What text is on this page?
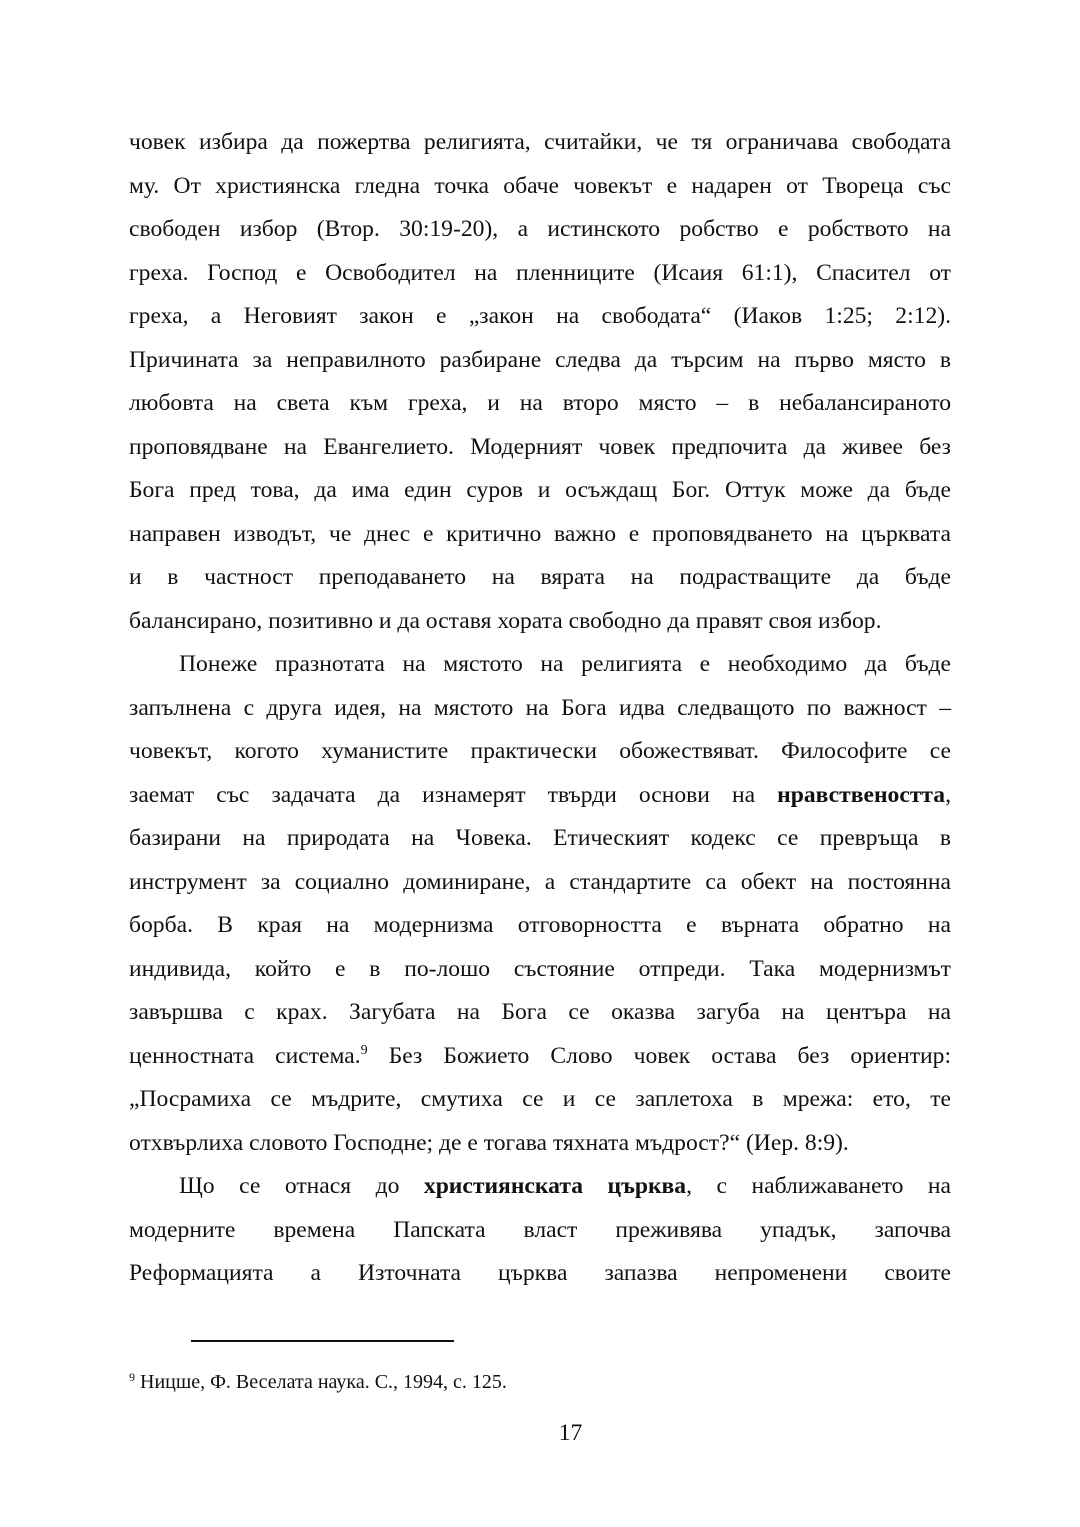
човек избира да пожертва религията, считайки, че тя ограничава свободата
му. От християнска гледна точка обаче човекът е надарен от Твореца със
свободен избор (Втор. 30:19-20), а истинското робство е робството на
греха. Господ е Освободител на пленниците (Исаия 61:1), Спасител от
греха, а Неговият закон е „закон на свободата“ (Иаков 1:25; 2:12).
Причината за неправилното разбиране следва да търсим на първо място в
любовта на света към греха, и на второ място – в небалансираното
проповядване на Евангелието. Модерният човек предпочита да живее без
Бога пред това, да има един суров и осъждащ Бог. Оттук може да бъде
направен изводът, че днес е критично важно е проповядването на църквата
и в частност преподаването на вярата на подрастващите да бъде
балансирано, позитивно и да оставя хората свободно да правят своя избор.
Понеже празнотата на мястото на религията е необходимо да бъде
запълнена с друга идея, на мястото на Бога идва следващото по важност –
човекът, когото хуманистите практически обожествяват. Философите се
заемат със задачата да изнамерят твърди основи на нравствеността,
базирани на природата на Човека. Етическият кодекс се превръща в
инструмент за социално доминиране, а стандартите са обект на постоянна
борба. В края на модернизма отговорността е върната обратно на
индивида, който е в по-лошо състояние отпреди. Така модернизмът
завършва с крах. Загубата на Бога се оказва загуба на центъра на
ценностната система.$^9$ Без Божието Слово човек остава без ориентир:
„Посрамиха се мъдрите, смутиха се и се заплетоха в мрежа: ето, те
отхвърлиха словото Господне; де е тогава тяхната мъдрост?“ (Иер. 8:9).
Що се отнася до християнската църква, с наближаването на
модерните времена Папската власт преживява упадък, започва
Реформацията а Източната църква запазва непроменени своите
$^9$ Ницше, Ф. Веселата наука. С., 1994, с. 125.
17
